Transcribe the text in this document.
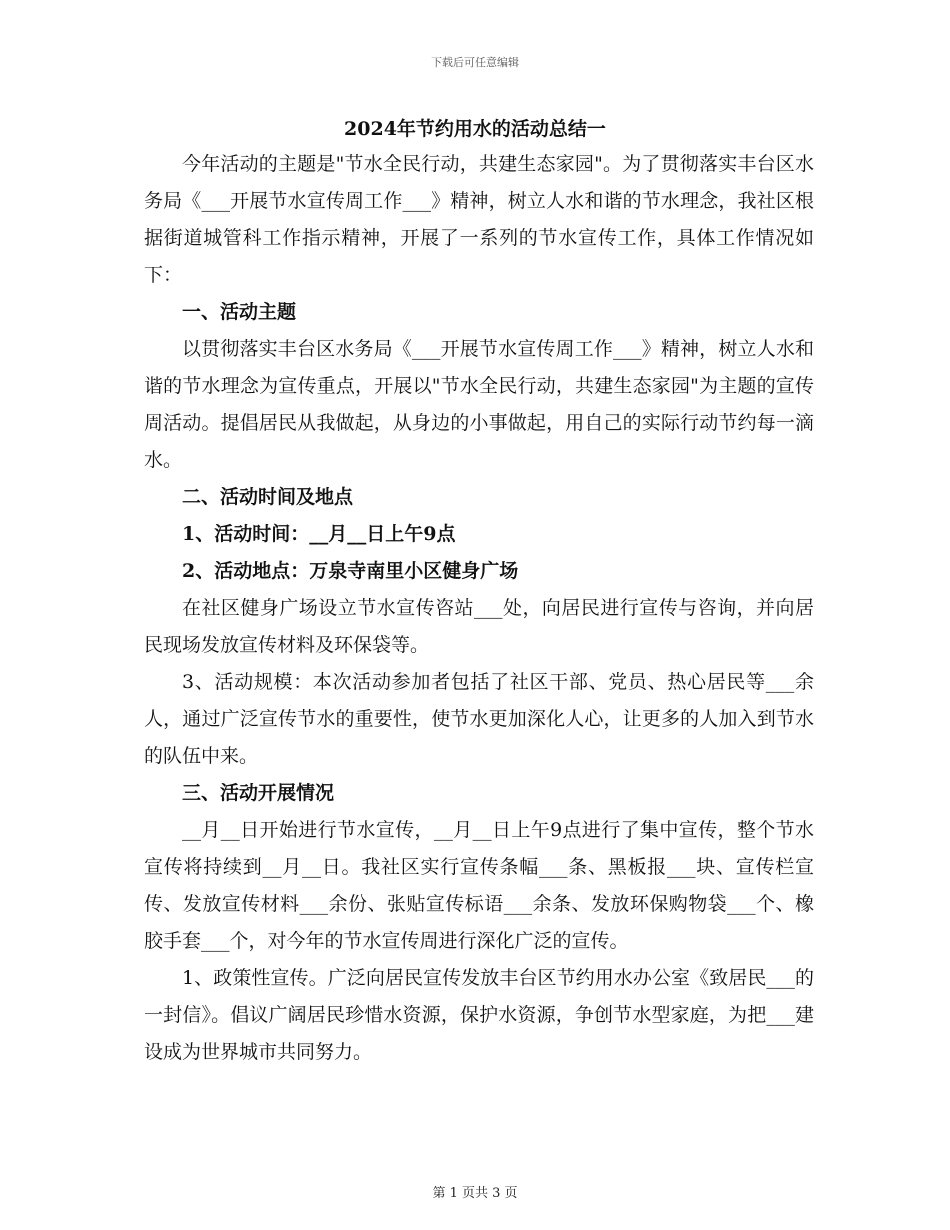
下载后可任意编辑
2024年节约用水的活动总结一

今年活动的主题是"节水全民行动，共建生态家园"。为了贯彻落实丰台区水务局《___开展节水宣传周工作___》精神，树立人水和谐的节水理念，我社区根据街道城管科工作指示精神，开展了一系列的节水宣传工作，具体工作情况如下：

一、活动主题

以贯彻落实丰台区水务局《___开展节水宣传周工作___》精神，树立人水和谐的节水理念为宣传重点，开展以"节水全民行动，共建生态家园"为主题的宣传周活动。提倡居民从我做起，从身边的小事做起，用自己的实际行动节约每一滴水。

二、活动时间及地点

1、活动时间：__月__日上午9点

2、活动地点：万泉寺南里小区健身广场

在社区健身广场设立节水宣传咨站___处，向居民进行宣传与咨询，并向居民现场发放宣传材料及环保袋等。

3、活动规模：本次活动参加者包括了社区干部、党员、热心居民等___余人，通过广泛宣传节水的重要性，使节水更加深化人心，让更多的人加入到节水的队伍中来。

三、活动开展情况

__月__日开始进行节水宣传，__月__日上午9点进行了集中宣传，整个节水宣传将持续到__月__日。我社区实行宣传条幅___条、黑板报___块、宣传栏宣传、发放宣传材料___余份、张贴宣传标语___余条、发放环保购物袋___个、橡胶手套___个，对今年的节水宣传周进行深化广泛的宣传。

1、政策性宣传。广泛向居民宣传发放丰台区节约用水办公室《致居民___的一封信》。倡议广阔居民珍惜水资源，保护水资源，争创节水型家庭，为把___建设成为世界城市共同努力。

第 1 页共 3 页
